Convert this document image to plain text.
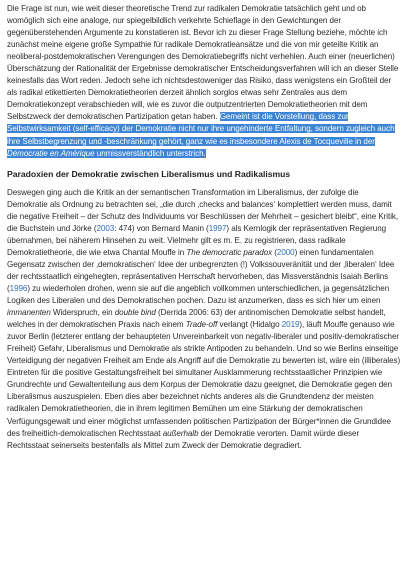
Die Frage ist nun, wie weit dieser theoretische Trend zur radikalen Demokratie tatsächlich geht und ob womöglich sich eine analoge, nur spiegelbildlich verkehrte Schieflage in den Gewichtungen der gegenüberstehenden Argumente zu konstatieren ist. Bevor ich zu dieser Frage Stellung beziehe, möchte ich zunächst meine eigene große Sympathie für radikale Demokratieansätze und die von mir geteilte Kritik an neoliberal-postdemokratischen Verengungen des Demokratiebegriffs nicht verhehlen. Auch einer (neuerlichen) Überschätzung der Rationalität der Ergebnisse demokratischer Entscheidungsverfahren will ich an dieser Stelle keinesfalls das Wort reden. Jedoch sehe ich nichtsdestoweniger das Risiko, dass wenigstens ein Großteil der als radikal etikettierten Demokratietheorien derzeit ähnlich sorglos etwas sehr Zentrales aus dem Demokratiekonzept verabschieden will, wie es zuvor die outputzentrierten Demokratietheorien mit dem Selbstzweck der demokratischen Partizipation getan haben. Gemeint ist die Vorstellung, dass zur Selbstwirksamkeit (self-efficacy) der Demokratie nicht nur ihre ungehinderte Entfaltung, sondern zugleich auch ihre Selbstbegrenzung und -beschränkung gehört, ganz wie es insbesondere Alexis de Tocqueville in der Démocratie en Amérique unmissverständlich unterstrich.

Paradoxien der Demokratie zwischen Liberalismus und Radikalismus

Deswegen ging auch die Kritik an der semantischen Transformation im Liberalismus, der zufolge die Demokratie als Ordnung zu betrachten sei, „die durch ‚checks and balances‘ komplettiert werden muss, damit die negative Freiheit – der Schutz des Individuums vor Beschlüssen der Mehrheit – gesichert bleibt“, eine Kritik, die Buchstein und Jörke (2003: 474) von Bernard Manin (1997) als Kernlogik der repräsentativen Regierung übernahmen, bei näherem Hinsehen zu weit. Vielmehr gilt es m. E. zu registrieren, dass radikale Demokratietheorie, die wie etwa Chantal Mouffe in The democratic paradox (2000) einen fundamentalen Gegensatz zwischen der ‚demokratischen‘ Idee der unbegrenzten (!) Volkssouveränität und der ‚liberalen‘ Idee der rechtsstaatlich eingehegten, repräsentativen Herrschaft hervorheben, das Missverständnis Isaiah Berlins (1996) zu wiederholen drohen, wenn sie auf die angeblich vollkommen unterschiedlichen, ja gegensätzlichen Logiken des Liberalen und des Demokratischen pochen. Dazu ist anzumerken, dass es sich hier um einen immanenten Widerspruch, ein double bind (Derrida 2006: 63) der antinomischen Demokratie selbst handelt, welches in der demokratischen Praxis nach einem Trade-off verlangt (Hidalgo 2019), läuft Mouffe genauso wie zuvor Berlin (letzterer entlang der behaupteten Unvereinbarkeit von negativ-liberaler und positiv-demokratischer Freiheit) Gefahr, Liberalismus und Demokratie als strikte Antipoden zu behandeln. Und so wie Berlins einseitige Verteidigung der negativen Freiheit am Ende als Angriff auf die Demokratie zu bewerten ist, wäre ein (illiberales) Eintreten für die positive Gestaltungsfreiheit bei simultaner Ausklammerung rechtsstaatlicher Prinzipien wie Grundrechte und Gewaltenteilung aus dem Korpus der Demokratie dazu geeignet, die Demokratie gegen den Liberalismus auszuspielen. Eben dies aber bezeichnet nichts anderes als die Grundtendenz der meisten radikalen Demokratietheorien, die in ihrem legitimen Bemühen um eine Stärkung der demokratischen Verfügungsgewalt und einer möglichst umfassenden politischen Partizipation der Bürger*innen die Grundidee des freiheitlich-demokratischen Rechtsstaat außerhalb der Demokratie verorten. Damit würde dieser Rechtsstaat seinerseits bestenfalls als Mittel zum Zweck der Demokratie degradiert.
